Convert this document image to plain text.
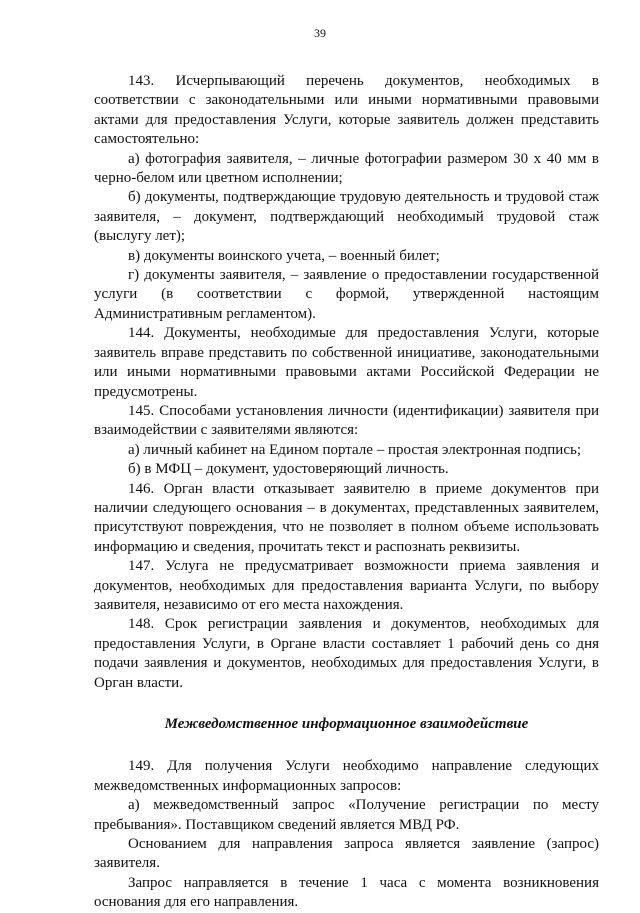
39

143. Исчерпывающий перечень документов, необходимых в соответствии с законодательными или иными нормативными правовыми актами для предоставления Услуги, которые заявитель должен представить самостоятельно:

а) фотография заявителя, – личные фотографии размером 30 х 40 мм в черно-белом или цветном исполнении;

б) документы, подтверждающие трудовую деятельность и трудовой стаж заявителя, – документ, подтверждающий необходимый трудовой стаж (выслугу лет);

в) документы воинского учета, – военный билет;

г) документы заявителя, – заявление о предоставлении государственной услуги (в соответствии с формой, утвержденной настоящим Административным регламентом).

144. Документы, необходимые для предоставления Услуги, которые заявитель вправе представить по собственной инициативе, законодательными или иными нормативными правовыми актами Российской Федерации не предусмотрены.

145. Способами установления личности (идентификации) заявителя при взаимодействии с заявителями являются:

а) личный кабинет на Едином портале – простая электронная подпись;

б) в МФЦ – документ, удостоверяющий личность.

146. Орган власти отказывает заявителю в приеме документов при наличии следующего основания – в документах, представленных заявителем, присутствуют повреждения, что не позволяет в полном объеме использовать информацию и сведения, прочитать текст и распознать реквизиты.

147. Услуга не предусматривает возможности приема заявления и документов, необходимых для предоставления варианта Услуги, по выбору заявителя, независимо от его места нахождения.

148. Срок регистрации заявления и документов, необходимых для предоставления Услуги, в Органе власти составляет 1 рабочий день со дня подачи заявления и документов, необходимых для предоставления Услуги, в Орган власти.

Межведомственное информационное взаимодействие

149. Для получения Услуги необходимо направление следующих межведомственных информационных запросов:

а) межведомственный запрос «Получение регистрации по месту пребывания». Поставщиком сведений является МВД РФ.

Основанием для направления запроса является заявление (запрос) заявителя.

Запрос направляется в течение 1 часа с момента возникновения основания для его направления.
